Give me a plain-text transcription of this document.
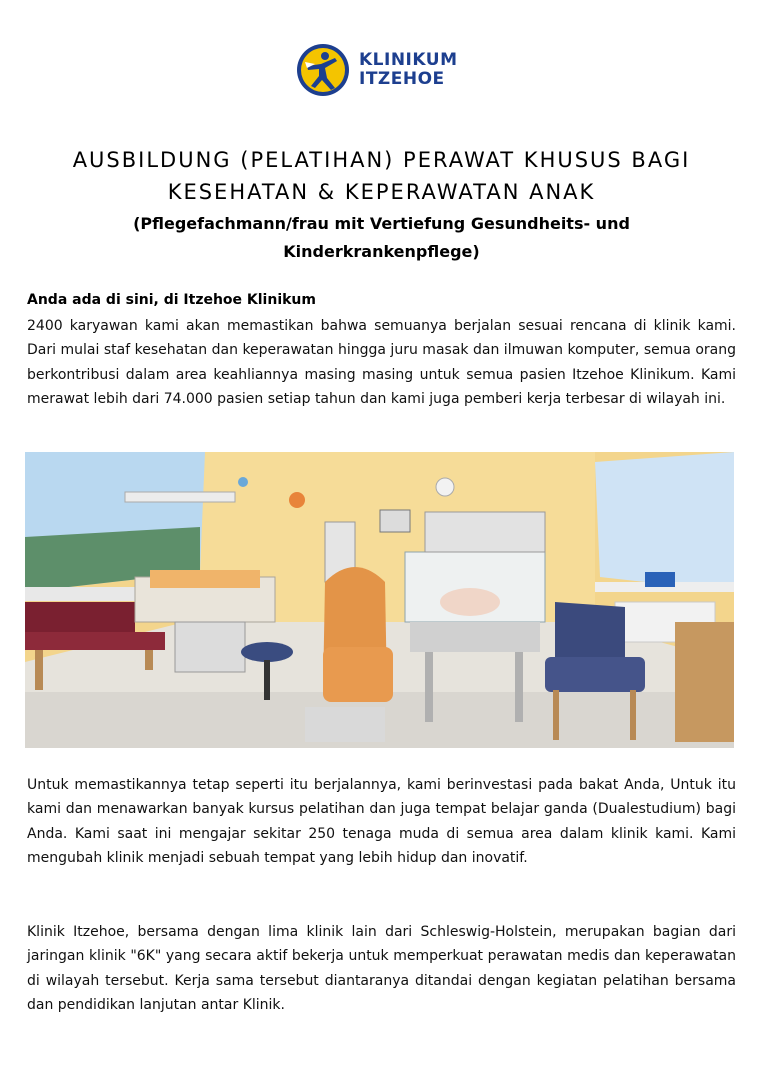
KLINIKUM
ITZEHOE
AUSBILDUNG (PELATIHAN) PERAWAT KHUSUS BAGI
KESEHATAN & KEPERAWATAN ANAK
(Pflegefachmann/frau mit Vertiefung Gesundheits- und
Kinderkrankenpflege)
Anda ada di sini, di Itzehoe Klinikum

2400 karyawan kami akan memastikan bahwa semuanya berjalan sesuai rencana di klinik kami. Dari mulai staf kesehatan dan keperawatan hingga juru masak dan ilmuwan komputer, semua orang berkontribusi dalam area keahliannya masing masing untuk semua pasien Itzehoe Klinikum. Kami merawat lebih dari 74.000 pasien setiap tahun dan kami juga pemberi kerja terbesar di wilayah ini.

Untuk memastikannya tetap seperti itu berjalannya, kami berinvestasi pada bakat Anda, Untuk itu kami dan menawarkan banyak kursus pelatihan dan juga tempat belajar ganda (Dualestudium) bagi Anda. Kami saat ini mengajar sekitar 250 tenaga muda di semua area dalam klinik kami. Kami mengubah klinik menjadi sebuah tempat yang lebih hidup dan inovatif.

Klinik Itzehoe, bersama dengan lima klinik lain dari Schleswig-Holstein, merupakan bagian dari jaringan klinik "6K" yang secara aktif bekerja untuk memperkuat perawatan medis dan keperawatan di wilayah tersebut. Kerja sama tersebut diantaranya ditandai dengan kegiatan pelatihan bersama dan pendidikan lanjutan antar Klinik.
